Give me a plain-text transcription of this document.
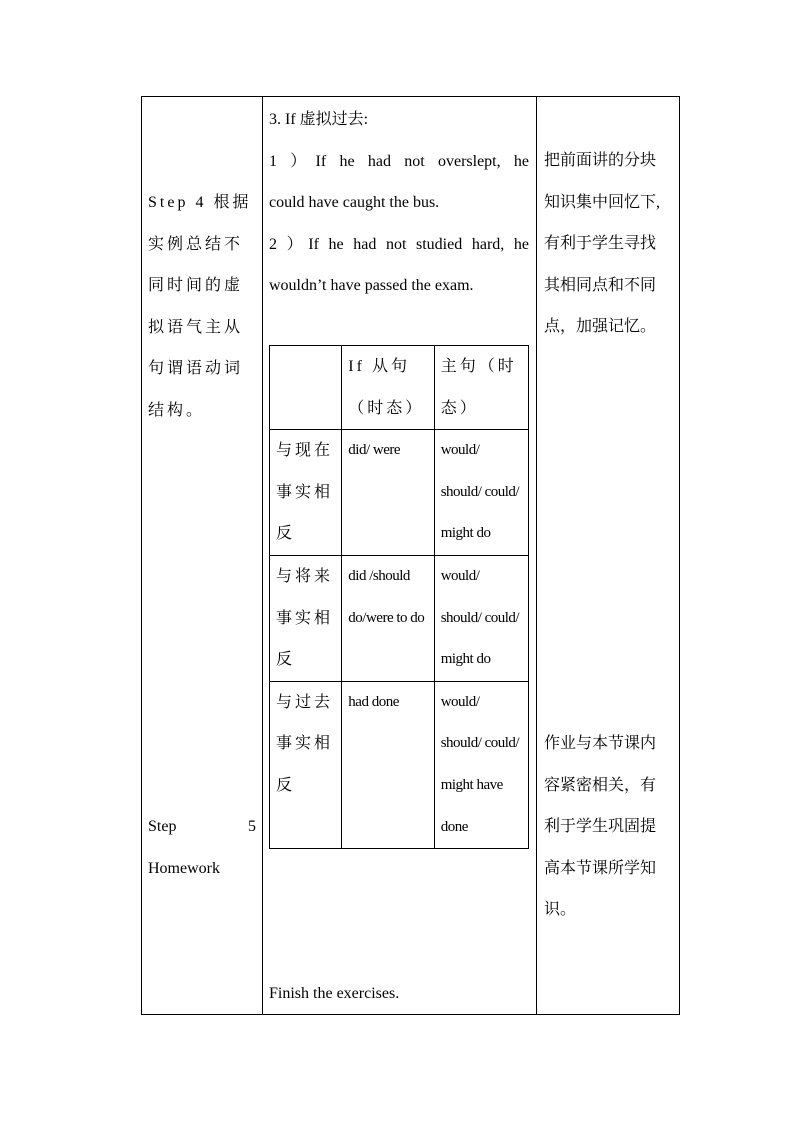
Step 4 根据
实例总结不
同时间的虚
拟语气主从
句谓语动词
结构。
Step	5
Homework

3. If 虚拟过去:

1 ）If he had not overslept, he

could have caught the bus.

2 ）If he had not studied hard, he

wouldn’t have passed the exam.

	If 从句（时态）	主句（时态）
与现在事实相反	did/ were	would/ should/ could/ might do
与将来事实相反	did /should do/were to do	would/ should/ could/ might do
与过去事实相反	had done	would/ should/ could/ might have done
Finish the exercises.
把前面讲的分块
知识集中回忆下,
有利于学生寻找
其相同点和不同
点，加强记忆。
作业与本节课内
容紧密相关，有
利于学生巩固提
高本节课所学知
识。
